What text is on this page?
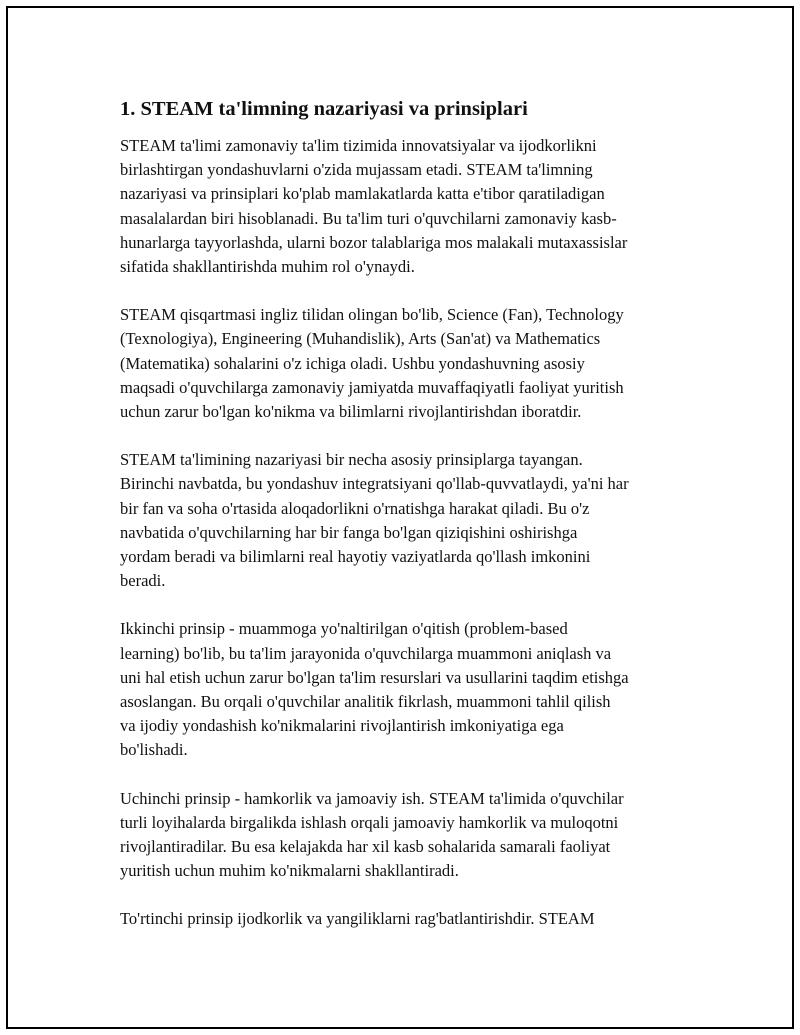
1. STEAM ta'limning nazariyasi va prinsiplari

STEAM ta'limi zamonaviy ta'lim tizimida innovatsiyalar va ijodkorlikni
birlashtirgan yondashuvlarni o'zida mujassam etadi. STEAM ta'limning
nazariyasi va prinsiplari ko'plab mamlakatlarda katta e'tibor qaratiladigan
masalalardan biri hisoblanadi. Bu ta'lim turi o'quvchilarni zamonaviy kasb-
hunarlarga tayyorlashda, ularni bozor talablariga mos malakali mutaxassislar
sifatida shakllantirishda muhim rol o'ynaydi.

STEAM qisqartmasi ingliz tilidan olingan bo'lib, Science (Fan), Technology
(Texnologiya), Engineering (Muhandislik), Arts (San'at) va Mathematics
(Matematika) sohalarini o'z ichiga oladi. Ushbu yondashuvning asosiy
maqsadi o'quvchilarga zamonaviy jamiyatda muvaffaqiyatli faoliyat yuritish
uchun zarur bo'lgan ko'nikma va bilimlarni rivojlantirishdan iboratdir.

STEAM ta'limining nazariyasi bir necha asosiy prinsiplarga tayangan.
Birinchi navbatda, bu yondashuv integratsiyani qo'llab-quvvatlaydi, ya'ni har
bir fan va soha o'rtasida aloqadorlikni o'rnatishga harakat qiladi. Bu o'z
navbatida o'quvchilarning har bir fanga bo'lgan qiziqishini oshirishga
yordam beradi va bilimlarni real hayotiy vaziyatlarda qo'llash imkonini
beradi.

Ikkinchi prinsip - muammoga yo'naltirilgan o'qitish (problem-based
learning) bo'lib, bu ta'lim jarayonida o'quvchilarga muammoni aniqlash va
uni hal etish uchun zarur bo'lgan ta'lim resurslari va usullarini taqdim etishga
asoslangan. Bu orqali o'quvchilar analitik fikrlash, muammoni tahlil qilish
va ijodiy yondashish ko'nikmalarini rivojlantirish imkoniyatiga ega
bo'lishadi.

Uchinchi prinsip - hamkorlik va jamoaviy ish. STEAM ta'limida o'quvchilar
turli loyihalarda birgalikda ishlash orqali jamoaviy hamkorlik va muloqotni
rivojlantiradilar. Bu esa kelajakda har xil kasb sohalarida samarali faoliyat
yuritish uchun muhim ko'nikmalarni shakllantiradi.

To'rtinchi prinsip ijodkorlik va yangiliklarni rag'batlantirishdir. STEAM
